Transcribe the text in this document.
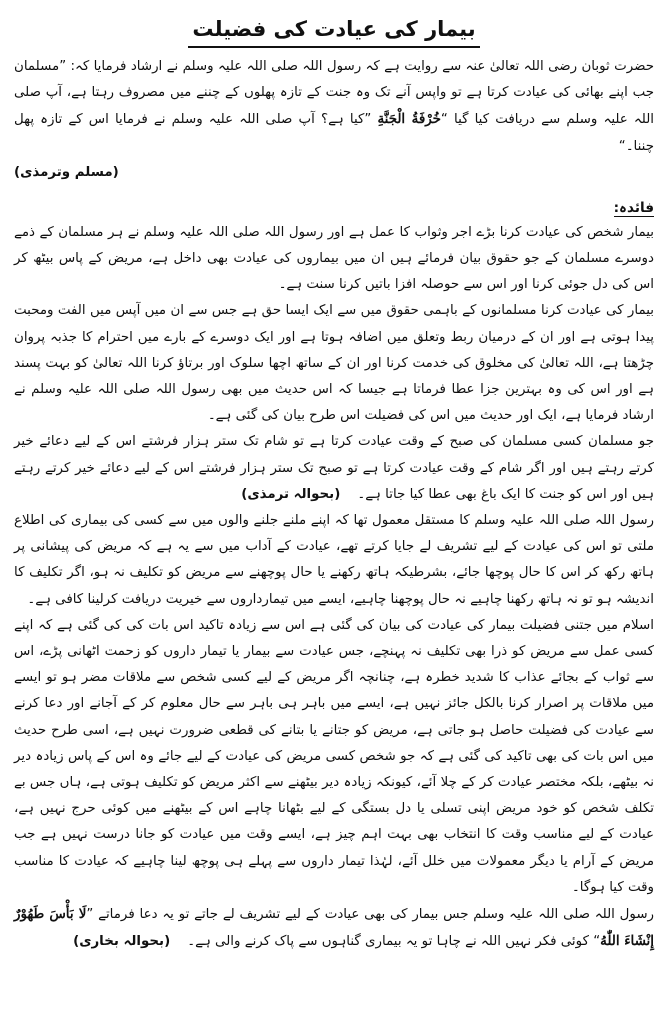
بیمار کی عیادت کی فضیلت

حضرت ثوبان رضی اللہ تعالیٰ عنہ سے روایت ہے کہ رسول اللہ صلی اللہ علیہ وسلم نے ارشاد فرمایا کہ: ”مسلمان جب اپنے بھائی کی عیادت کرتا ہے تو واپس آنے تک وہ جنت کے تازہ پھلوں کے چننے میں مصروف رہتا ہے، آپ صلی اللہ علیہ وسلم سے دریافت کیا گیا “خُرْفَةُ الْجَنَّةِ ”کیا ہے؟ آپ صلی اللہ علیہ وسلم نے فرمایا اس کے تازہ پھل چننا۔“

(مسلم وترمذی)
فائدہ:

بیمار شخص کی عیادت کرنا بڑے اجر وثواب کا عمل ہے اور رسول اللہ صلی اللہ علیہ وسلم نے ہر مسلمان کے ذمے دوسرے مسلمان کے جو حقوق بیان فرمائے ہیں ان میں بیماروں کی عیادت بھی داخل ہے، مریض کے پاس بیٹھ کر اس کی دل جوئی کرنا اور اس سے حوصلہ افزا باتیں کرنا سنت ہے۔

بیمار کی عیادت کرنا مسلمانوں کے باہمی حقوق میں سے ایک ایسا حق ہے جس سے ان میں آپس میں الفت ومحبت پیدا ہوتی ہے اور ان کے درمیان ربط وتعلق میں اضافہ ہوتا ہے اور ایک دوسرے کے بارے میں احترام کا جذبہ پروان چڑھتا ہے، اللہ تعالیٰ کی مخلوق کی خدمت کرنا اور ان کے ساتھ اچھا سلوک اور برتاؤ کرنا اللہ تعالیٰ کو بہت پسند ہے اور اس کی وہ بہترین جزا عطا فرماتا ہے جیسا کہ اس حدیث میں بھی رسول اللہ صلی اللہ علیہ وسلم نے ارشاد فرمایا ہے، ایک اور حدیث میں اس کی فضیلت اس طرح بیان کی گئی ہے۔

جو مسلمان کسی مسلمان کی صبح کے وقت عیادت کرتا ہے تو شام تک ستر ہزار فرشتے اس کے لیے دعائے خیر کرتے رہتے ہیں اور اگر شام کے وقت عیادت کرتا ہے تو صبح تک ستر ہزار فرشتے اس کے لیے دعائے خیر کرتے رہتے ہیں اور اس کو جنت کا ایک باغ بھی عطا کیا جاتا ہے۔    (بحوالہ ترمذی)

رسول اللہ صلی اللہ علیہ وسلم کا مستقل معمول تھا کہ اپنے ملنے جلنے والوں میں سے کسی کی بیماری کی اطلاع ملتی تو اس کی عیادت کے لیے تشریف لے جایا کرتے تھے، عیادت کے آداب میں سے یہ ہے کہ مریض کی پیشانی پر ہاتھ رکھ کر اس کا حال پوچھا جائے، بشرطیکہ ہاتھ رکھنے یا حال پوچھنے سے مریض کو تکلیف نہ ہو، اگر تکلیف کا اندیشہ ہو تو نہ ہاتھ رکھنا چاہیے نہ حال پوچھنا چاہیے، ایسے میں تیمارداروں سے خیریت دریافت کرلینا کافی ہے۔

اسلام میں جتنی فضیلت بیمار کی عیادت کی بیان کی گئی ہے اس سے زیادہ تاکید اس بات کی کی گئی ہے کہ اپنے کسی عمل سے مریض کو ذرا بھی تکلیف نہ پہنچے، جس عیادت سے بیمار یا تیمار داروں کو زحمت اٹھانی پڑے، اس سے ثواب کے بجائے عذاب کا شدید خطرہ ہے، چنانچہ اگر مریض کے لیے کسی شخص سے ملاقات مضر ہو تو ایسے میں ملاقات پر اصرار کرنا بالکل جائز نہیں ہے، ایسے میں باہر ہی باہر سے حال معلوم کر کے آجانے اور دعا کرنے سے عیادت کی فضیلت حاصل ہو جاتی ہے، مریض کو جتانے یا بتانے کی قطعی ضرورت نہیں ہے، اسی طرح حدیث میں اس بات کی بھی تاکید کی گئی ہے کہ جو شخص کسی مریض کی عیادت کے لیے جائے وہ اس کے پاس زیادہ دیر نہ بیٹھے، بلکہ مختصر عیادت کر کے چلا آئے، کیونکہ زیادہ دیر بیٹھنے سے اکثر مریض کو تکلیف ہوتی ہے، ہاں جس بے تکلف شخص کو خود مریض اپنی تسلی یا دل بستگی کے لیے بٹھانا چاہے اس کے بیٹھنے میں کوئی حرج نہیں ہے، عیادت کے لیے مناسب وقت کا انتخاب بھی بہت اہم چیز ہے، ایسے وقت میں عیادت کو جانا درست نہیں ہے جب مریض کے آرام یا دیگر معمولات میں خلل آئے، لہٰذا تیمار داروں سے پہلے ہی پوچھ لینا چاہیے کہ عیادت کا مناسب وقت کیا ہوگا۔

رسول اللہ صلی اللہ علیہ وسلم جس بیمار کی بھی عیادت کے لیے تشریف لے جاتے تو یہ دعا فرماتے ”لَا بَأْسَ طَهُوْرٌ إِنْشَاءَ اللّٰهُ“ کوئی فکر نہیں اللہ نے چاہا تو یہ بیماری گناہوں سے پاک کرنے والی ہے۔    (بحوالہ بخاری)
